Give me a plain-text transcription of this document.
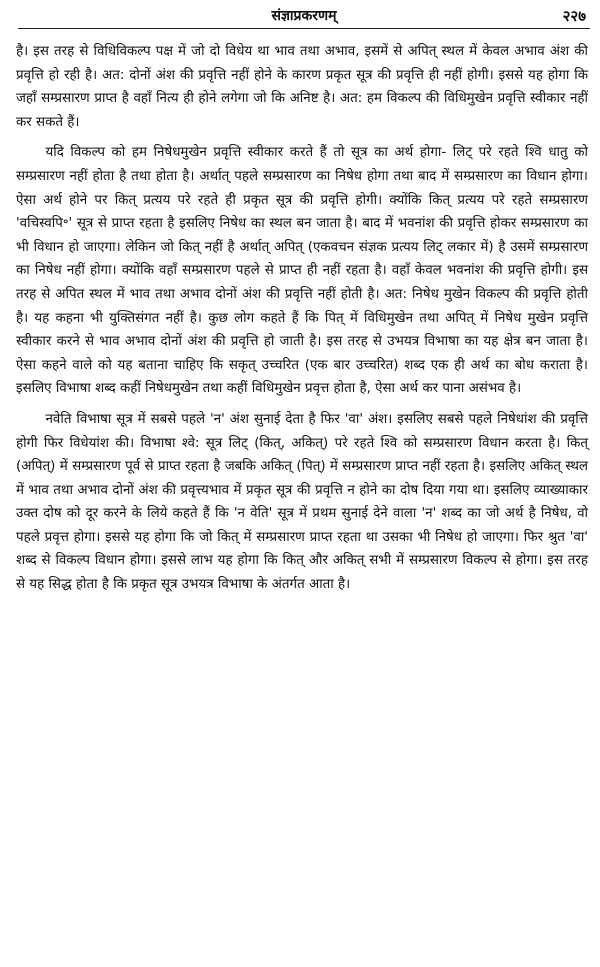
संज्ञाप्रकरणम्	२२७

है। इस तरह से विधिविकल्प पक्ष में जो दो विधेय था भाव तथा अभाव, इसमें से अपित् स्थल में केवल अभाव अंश की प्रवृत्ति हो रही है। अत: दोनों अंश की प्रवृत्ति नहीं होने के कारण प्रकृत सूत्र की प्रवृत्ति ही नहीं होगी। इससे यह होगा कि जहाँ सम्प्रसारण प्राप्त है वहाँ नित्य ही होने लगेगा जो कि अनिष्ट है। अत: हम विकल्प की विधिमुखेन प्रवृत्ति स्वीकार नहीं कर सकते हैं।

यदि विकल्प को हम निषेधमुखेन प्रवृत्ति स्वीकार करते हैं तो सूत्र का अर्थ होगा- लिट् परे रहते श्वि धातु को सम्प्रसारण नहीं होता है तथा होता है। अर्थात् पहले सम्प्रसारण का निषेध होगा तथा बाद में सम्प्रसारण का विधान होगा। ऐसा अर्थ होने पर कित् प्रत्यय परे रहते ही प्रकृत सूत्र की प्रवृत्ति होगी। क्योंकि कित् प्रत्यय परे रहते सम्प्रसारण 'वचिस्वपि॰' सूत्र से प्राप्त रहता है इसलिए निषेध का स्थल बन जाता है। बाद में भवनांश की प्रवृत्ति होकर सम्प्रसारण का भी विधान हो जाएगा। लेकिन जो कित् नहीं है अर्थात् अपित् (एकवचन संज्ञक प्रत्यय लिट् लकार में) है उसमें सम्प्रसारण का निषेध नहीं होगा। क्योंकि वहाँ सम्प्रसारण पहले से प्राप्त ही नहीं रहता है। वहाँ केवल भवनांश की प्रवृत्ति होगी। इस तरह से अपित स्थल में भाव तथा अभाव दोनों अंश की प्रवृत्ति नहीं होती है। अत: निषेध मुखेन विकल्प की प्रवृत्ति होती है। यह कहना भी युक्तिसंगत नहीं है। कुछ लोग कहते हैं कि पित् में विधिमुखेन तथा अपित् में निषेध मुखेन प्रवृत्ति स्वीकार करने से भाव अभाव दोनों अंश की प्रवृत्ति हो जाती है। इस तरह से उभयत्र विभाषा का यह क्षेत्र बन जाता है। ऐसा कहने वाले को यह बताना चाहिए कि सकृत् उच्चरित (एक बार उच्चरित) शब्द एक ही अर्थ का बोध कराता है। इसलिए विभाषा शब्द कहीं निषेधमुखेन तथा कहीं विधिमुखेन प्रवृत्त होता है, ऐसा अर्थ कर पाना असंभव है।

नवेति विभाषा सूत्र में सबसे पहले 'न' अंश सुनाई देता है फिर 'वा' अंश। इसलिए सबसे पहले निषेधांश की प्रवृत्ति होगी फिर विधेयांश की। विभाषा श्वे: सूत्र लिट् (कित्, अकित्) परे रहते श्वि को सम्प्रसारण विधान करता है। कित् (अपित्) में सम्प्रसारण पूर्व से प्राप्त रहता है जबकि अकित् (पित्) में सम्प्रसारण प्राप्त नहीं रहता है। इसलिए अकित् स्थल में भाव तथा अभाव दोनों अंश की प्रवृत्त्यभाव में प्रकृत सूत्र की प्रवृत्ति न होने का दोष दिया गया था। इसलिए व्याख्याकार उक्त दोष को दूर करने के लिये कहते हैं कि 'न वेति' सूत्र में प्रथम सुनाई देने वाला 'न' शब्द का जो अर्थ है निषेध, वो पहले प्रवृत्त होगा। इससे यह होगा कि जो कित् में सम्प्रसारण प्राप्त रहता था उसका भी निषेध हो जाएगा। फिर श्रुत 'वा' शब्द से विकल्प विधान होगा। इससे लाभ यह होगा कि कित् और अकित् सभी में सम्प्रसारण विकल्प से होगा। इस तरह से यह सिद्ध होता है कि प्रकृत सूत्र उभयत्र विभाषा के अंतर्गत आता है।
